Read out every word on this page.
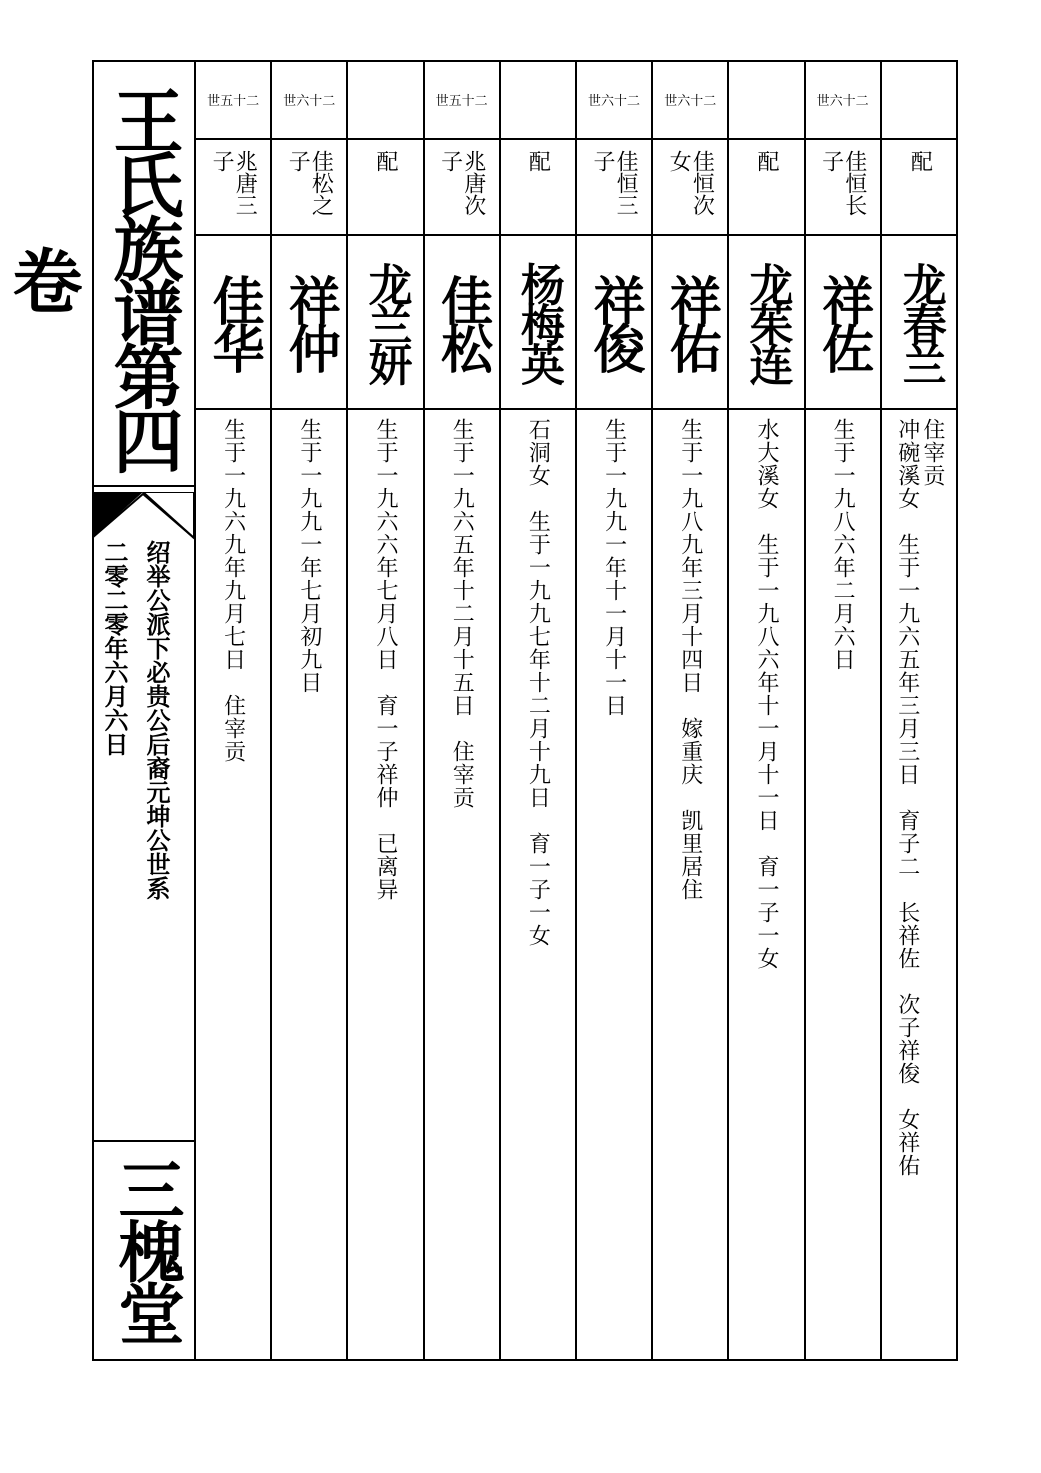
王氏族谱第四卷
绍举公派下必贵公后裔元坤公世系
二零二零年六月六日
三槐堂
世五十二
兆唐三子
佳华
生于一九六九年九月七日　住宰贡
世六十二
佳松之子
祥仲
生于一九九一年七月初九日
配
龙兰妍
生于一九六六年七月八日　育一子祥仲　已离异
世五十二
兆唐次子
佳松
生于一九六五年十二月十五日　住宰贡
配
杨梅英
石洞女　生于一九九七年十二月十九日　育一子一女
世六十二
佳恒三子
祥俊
生于一九九一年十一月十一日
世六十二
佳恒次女
祥佑
生于一九八九年三月十四日　嫁重庆　凯里居住
配
龙茱连
水大溪女　生于一九八六年十一月十一日　育一子一女
世六十二
佳恒长子
祥佐
生于一九八六年二月六日
配
龙春兰
冲碗溪女　生于一九六五年三月三日　育子二　长祥佐　次子祥俊　女祥佑 住宰贡
